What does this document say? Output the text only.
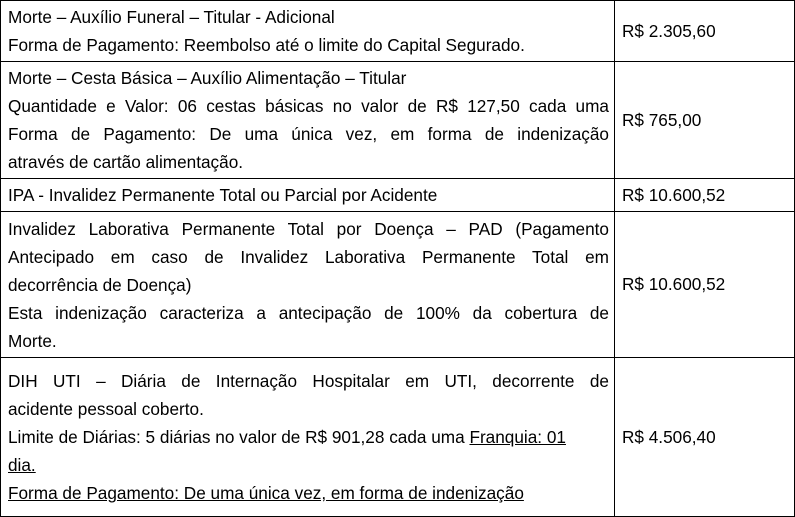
Morte – Auxílio Funeral – Titular - Adicional
Forma de Pagamento: Reembolso até o limite do Capital Segurado.	R$ 2.305,60

Morte – Cesta Básica – Auxílio Alimentação – Titular
Quantidade e Valor: 06 cestas básicas no valor de R$ 127,50 cada uma
Forma de Pagamento: De uma única vez, em forma de indenização
através de cartão alimentação.	R$ 765,00

IPA - Invalidez Permanente Total ou Parcial por Acidente	R$ 10.600,52

Invalidez Laborativa Permanente Total por Doença – PAD (Pagamento
Antecipado em caso de Invalidez Laborativa Permanente Total em
decorrência de Doença)
Esta indenização caracteriza a antecipação de 100% da cobertura de
Morte.	R$ 10.600,52

DIH UTI – Diária de Internação Hospitalar em UTI, decorrente de
acidente pessoal coberto.
Limite de Diárias: 5 diárias no valor de R$ 901,28 cada uma Franquia: 01
dia.
Forma de Pagamento: De uma única vez, em forma de indenização	R$ 4.506,40
